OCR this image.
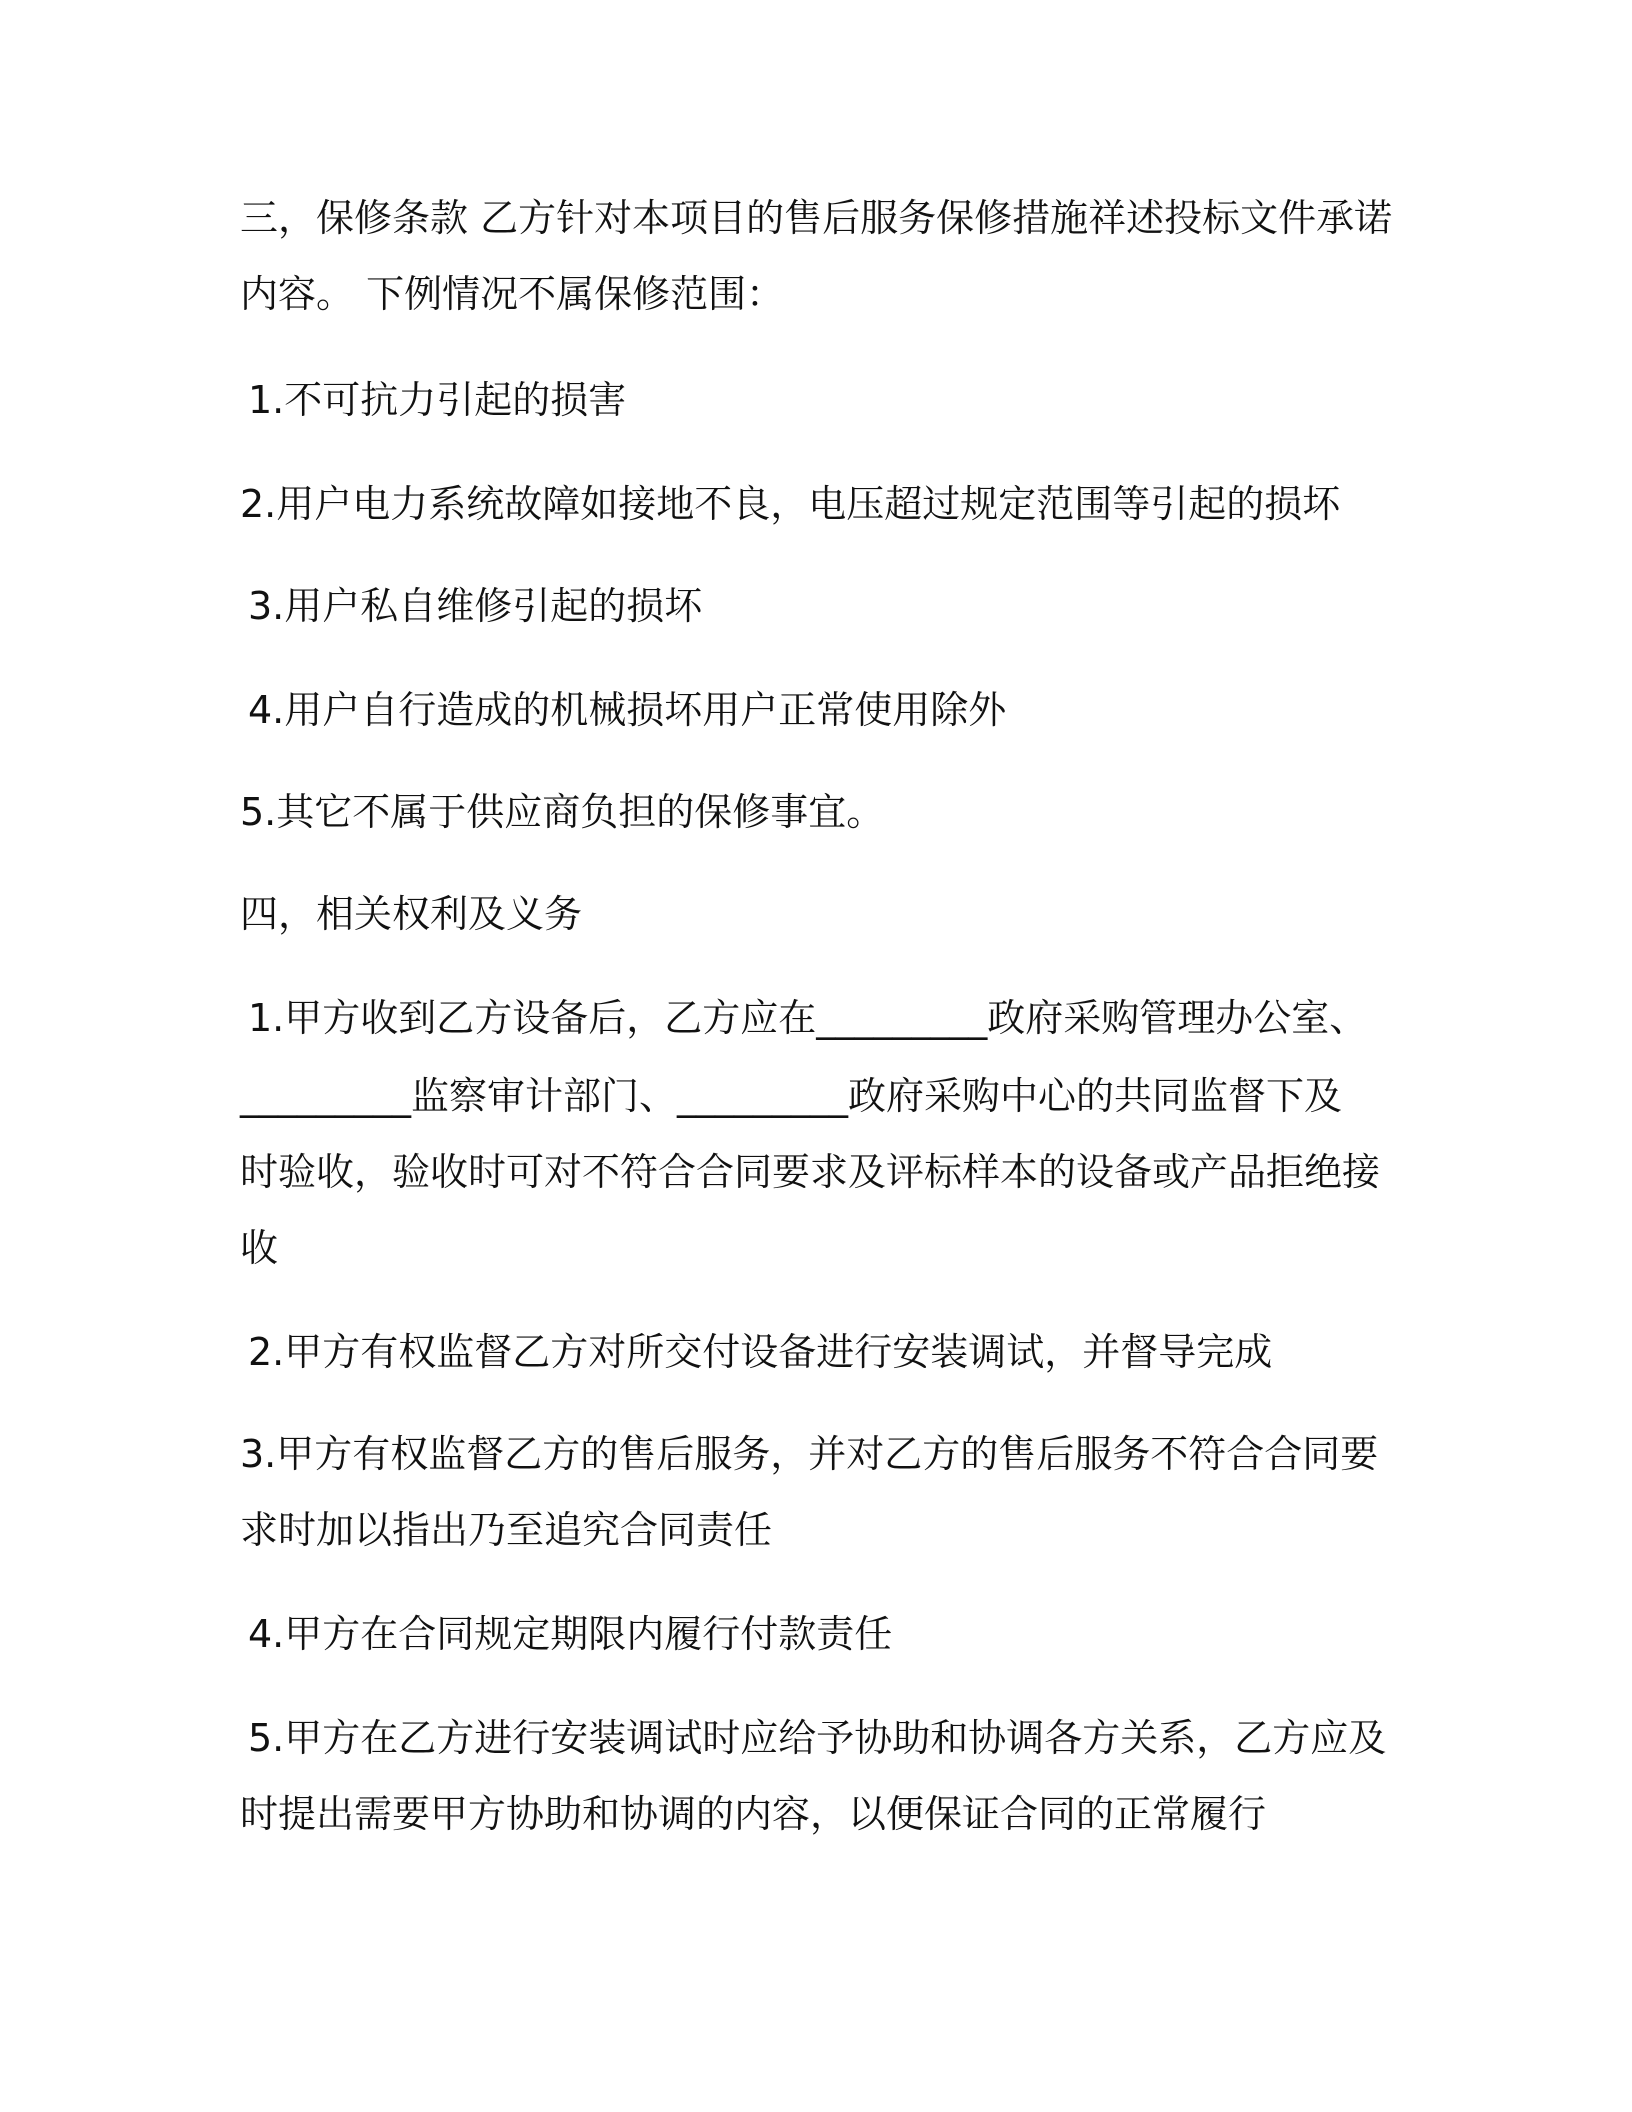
三，保修条款 乙方针对本项目的售后服务保修措施祥述投标文件承诺

内容。 下例情况不属保修范围：

1.不可抗力引起的损害

2.用户电力系统故障如接地不良，电压超过规定范围等引起的损坏

3.用户私自维修引起的损坏

4.用户自行造成的机械损坏用户正常使用除外

5.其它不属于供应商负担的保修事宜。

四，相关权利及义务

1.甲方收到乙方设备后，乙方应在_________政府采购管理办公室、

_________监察审计部门、_________政府采购中心的共同监督下及

时验收，验收时可对不符合合同要求及评标样本的设备或产品拒绝接

收

2.甲方有权监督乙方对所交付设备进行安装调试，并督导完成

3.甲方有权监督乙方的售后服务，并对乙方的售后服务不符合合同要

求时加以指出乃至追究合同责任

4.甲方在合同规定期限内履行付款责任

5.甲方在乙方进行安装调试时应给予协助和协调各方关系，乙方应及

时提出需要甲方协助和协调的内容，以便保证合同的正常履行
